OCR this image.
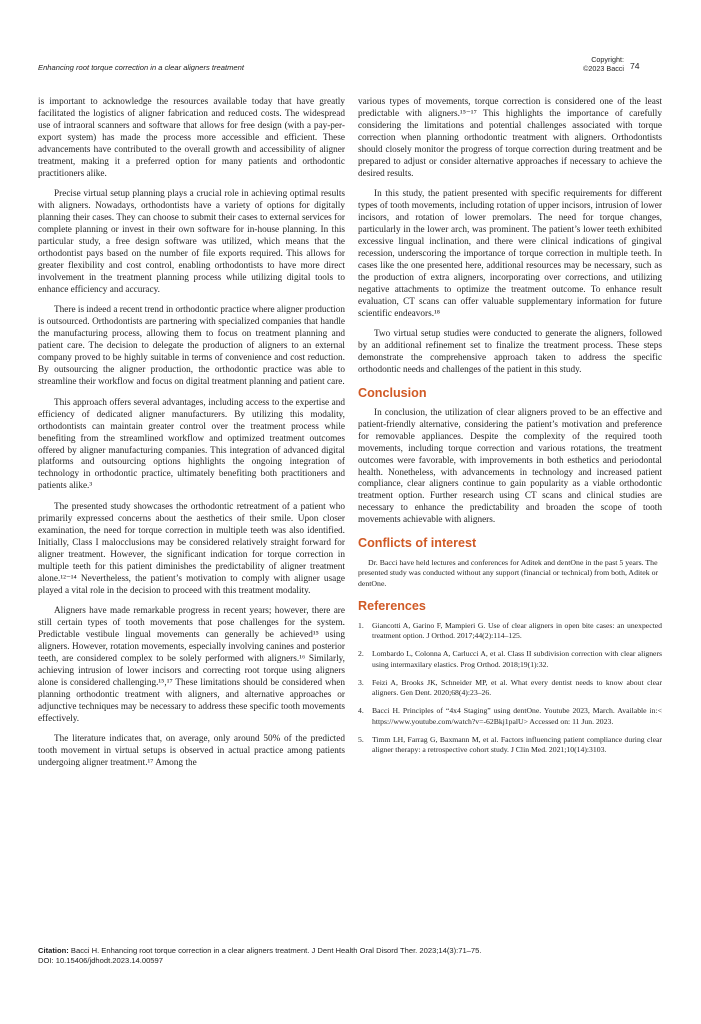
Enhancing root torque correction in a clear aligners treatment
Copyright:
©2023 Bacci 74

is important to acknowledge the resources available today that have greatly facilitated the logistics of aligner fabrication and reduced costs. The widespread use of intraoral scanners and software that allows for free design (with a pay-per-export system) has made the process more accessible and efficient. These advancements have contributed to the overall growth and accessibility of aligner treatment, making it a preferred option for many patients and orthodontic practitioners alike.

Precise virtual setup planning plays a crucial role in achieving optimal results with aligners. Nowadays, orthodontists have a variety of options for digitally planning their cases. They can choose to submit their cases to external services for complete planning or invest in their own software for in-house planning. In this particular study, a free design software was utilized, which means that the orthodontist pays based on the number of file exports required. This allows for greater flexibility and cost control, enabling orthodontists to have more direct involvement in the treatment planning process while utilizing digital tools to enhance efficiency and accuracy.

There is indeed a recent trend in orthodontic practice where aligner production is outsourced. Orthodontists are partnering with specialized companies that handle the manufacturing process, allowing them to focus on treatment planning and patient care. The decision to delegate the production of aligners to an external company proved to be highly suitable in terms of convenience and cost reduction. By outsourcing the aligner production, the orthodontic practice was able to streamline their workflow and focus on digital treatment planning and patient care.

This approach offers several advantages, including access to the expertise and efficiency of dedicated aligner manufacturers. By utilizing this modality, orthodontists can maintain greater control over the treatment process while benefiting from the streamlined workflow and optimized treatment outcomes offered by aligner manufacturing companies. This integration of advanced digital platforms and outsourcing options highlights the ongoing integration of technology in orthodontic practice, ultimately benefiting both practitioners and patients alike.³

The presented study showcases the orthodontic retreatment of a patient who primarily expressed concerns about the aesthetics of their smile. Upon closer examination, the need for torque correction in multiple teeth was also identified. Initially, Class I malocclusions may be considered relatively straight forward for aligner treatment. However, the significant indication for torque correction in multiple teeth for this patient diminishes the predictability of aligner treatment alone.¹²⁻¹⁴ Nevertheless, the patient’s motivation to comply with aligner usage played a vital role in the decision to proceed with this treatment modality.

Aligners have made remarkable progress in recent years; however, there are still certain types of tooth movements that pose challenges for the system. Predictable vestibule lingual movements can generally be achieved¹⁵ using aligners. However, rotation movements, especially involving canines and posterior teeth, are considered complex to be solely performed with aligners.¹⁶ Similarly, achieving intrusion of lower incisors and correcting root torque using aligners alone is considered challenging.¹⁵,¹⁷ These limitations should be considered when planning orthodontic treatment with aligners, and alternative approaches or adjunctive techniques may be necessary to address these specific tooth movements effectively.

The literature indicates that, on average, only around 50% of the predicted tooth movement in virtual setups is observed in actual practice among patients undergoing aligner treatment.¹⁷ Among the

various types of movements, torque correction is considered one of the least predictable with aligners.¹⁵⁻¹⁷ This highlights the importance of carefully considering the limitations and potential challenges associated with torque correction when planning orthodontic treatment with aligners. Orthodontists should closely monitor the progress of torque correction during treatment and be prepared to adjust or consider alternative approaches if necessary to achieve the desired results.

In this study, the patient presented with specific requirements for different types of tooth movements, including rotation of upper incisors, intrusion of lower incisors, and rotation of lower premolars. The need for torque changes, particularly in the lower arch, was prominent. The patient’s lower teeth exhibited excessive lingual inclination, and there were clinical indications of gingival recession, underscoring the importance of torque correction in multiple teeth. In cases like the one presented here, additional resources may be necessary, such as the production of extra aligners, incorporating over corrections, and utilizing negative attachments to optimize the treatment outcome. To enhance result evaluation, CT scans can offer valuable supplementary information for future scientific endeavors.¹⁸

Two virtual setup studies were conducted to generate the aligners, followed by an additional refinement set to finalize the treatment process. These steps demonstrate the comprehensive approach taken to address the specific orthodontic needs and challenges of the patient in this study.

Conclusion

In conclusion, the utilization of clear aligners proved to be an effective and patient-friendly alternative, considering the patient’s motivation and preference for removable appliances. Despite the complexity of the required tooth movements, including torque correction and various rotations, the treatment outcomes were favorable, with improvements in both esthetics and periodontal health. Nonetheless, with advancements in technology and increased patient compliance, clear aligners continue to gain popularity as a viable orthodontic treatment option. Further research using CT scans and clinical studies are necessary to enhance the predictability and broaden the scope of tooth movements achievable with aligners.

Conflicts of interest

Dr. Bacci have held lectures and conferences for Aditek and dentOne in the past 5 years. The presented study was conducted without any support (financial or technical) from both, Aditek or dentOne.

References
1. Giancotti A, Garino F, Mampieri G. Use of clear aligners in open bite cases: an unexpected treatment option. J Orthod. 2017;44(2):114–125.
2. Lombardo L, Colonna A, Carlucci A, et al. Class II subdivision correction with clear aligners using intermaxilary elastics. Prog Orthod. 2018;19(1):32.
3. Feizi A, Brooks JK, Schneider MP, et al. What every dentist needs to know about clear aligners. Gen Dent. 2020;68(4):23–26.
4. Bacci H. Principles of “4x4 Staging” using dentOne. Youtube 2023, March. Available in:< https://www.youtube.com/watch?v=-62Bkj1palU> Accessed on: 11 Jun. 2023.
5. Timm LH, Farrag G, Baxmann M, et al. Factors influencing patient compliance during clear aligner therapy: a retrospective cohort study. J Clin Med. 2021;10(14):3103.
Citation: Bacci H. Enhancing root torque correction in a clear aligners treatment. J Dent Health Oral Disord Ther. 2023;14(3):71‒75.
DOI: 10.15406/jdhodt.2023.14.00597
